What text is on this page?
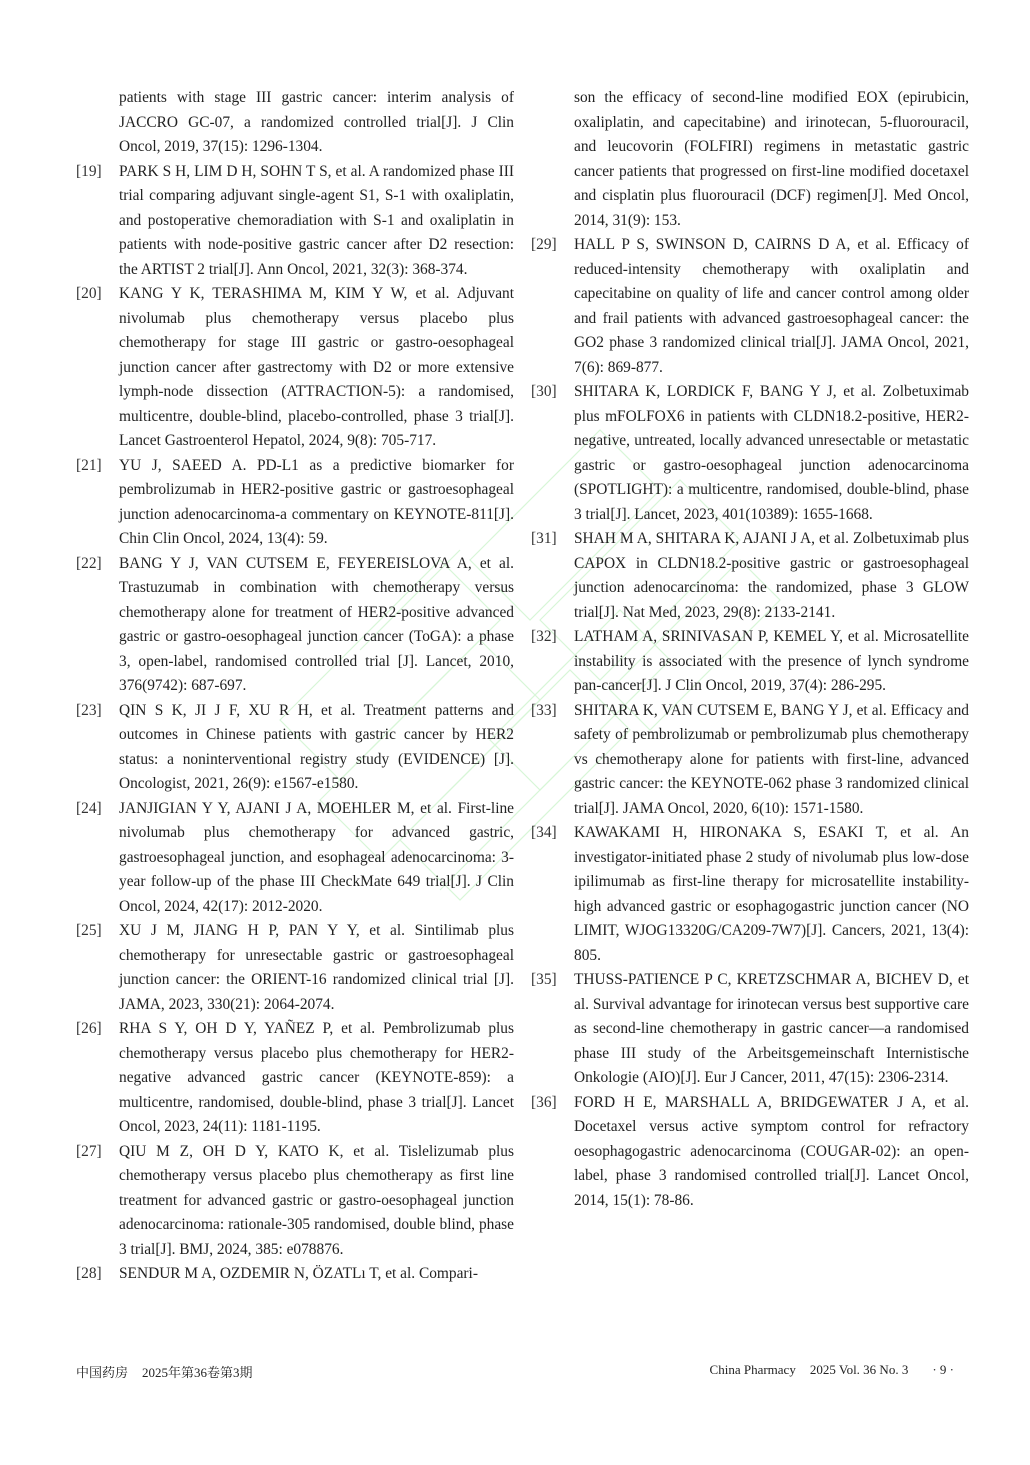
patients with stage III gastric cancer: interim analysis of JACCRO GC-07, a randomized controlled trial[J]. J Clin Oncol, 2019, 37(15): 1296-1304.

[19] PARK S H, LIM D H, SOHN T S, et al. A randomized phase III trial comparing adjuvant single-agent S1, S-1 with oxaliplatin, and postoperative chemoradiation with S-1 and oxaliplatin in patients with node-positive gastric cancer after D2 resection: the ARTIST 2 trial[J]. Ann Oncol, 2021, 32(3): 368-374.

[20] KANG Y K, TERASHIMA M, KIM Y W, et al. Adjuvant nivolumab plus chemotherapy versus placebo plus chemotherapy for stage III gastric or gastro-oesophageal junction cancer after gastrectomy with D2 or more extensive lymph-node dissection (ATTRACTION-5): a randomised, multicentre, double-blind, placebo-controlled, phase 3 trial[J]. Lancet Gastroenterol Hepatol, 2024, 9(8): 705-717.

[21] YU J, SAEED A. PD-L1 as a predictive biomarker for pembrolizumab in HER2-positive gastric or gastroesophageal junction adenocarcinoma-a commentary on KEYNOTE-811[J]. Chin Clin Oncol, 2024, 13(4): 59.

[22] BANG Y J, VAN CUTSEM E, FEYEREISLOVA A, et al. Trastuzumab in combination with chemotherapy versus chemotherapy alone for treatment of HER2-positive advanced gastric or gastro-oesophageal junction cancer (ToGA): a phase 3, open-label, randomised controlled trial [J]. Lancet, 2010, 376(9742): 687-697.

[23] QIN S K, JI J F, XU R H, et al. Treatment patterns and outcomes in Chinese patients with gastric cancer by HER2 status: a noninterventional registry study (EVIDENCE) [J]. Oncologist, 2021, 26(9): e1567-e1580.

[24] JANJIGIAN Y Y, AJANI J A, MOEHLER M, et al. First-line nivolumab plus chemotherapy for advanced gastric, gastroesophageal junction, and esophageal adenocarcinoma: 3-year follow-up of the phase III CheckMate 649 trial[J]. J Clin Oncol, 2024, 42(17): 2012-2020.

[25] XU J M, JIANG H P, PAN Y Y, et al. Sintilimab plus chemotherapy for unresectable gastric or gastroesophageal junction cancer: the ORIENT-16 randomized clinical trial [J]. JAMA, 2023, 330(21): 2064-2074.

[26] RHA S Y, OH D Y, YAÑEZ P, et al. Pembrolizumab plus chemotherapy versus placebo plus chemotherapy for HER2-negative advanced gastric cancer (KEYNOTE-859): a multicentre, randomised, double-blind, phase 3 trial[J]. Lancet Oncol, 2023, 24(11): 1181-1195.

[27] QIU M Z, OH D Y, KATO K, et al. Tislelizumab plus chemotherapy versus placebo plus chemotherapy as first line treatment for advanced gastric or gastro-oesophageal junction adenocarcinoma: rationale-305 randomised, double blind, phase 3 trial[J]. BMJ, 2024, 385: e078876.

[28] SENDUR M A, OZDEMIR N, ÖZATLı T, et al. Compari-

son the efficacy of second-line modified EOX (epirubicin, oxaliplatin, and capecitabine) and irinotecan, 5-fluorouracil, and leucovorin (FOLFIRI) regimens in metastatic gastric cancer patients that progressed on first-line modified docetaxel and cisplatin plus fluorouracil (DCF) regimen[J]. Med Oncol, 2014, 31(9): 153.

[29] HALL P S, SWINSON D, CAIRNS D A, et al. Efficacy of reduced-intensity chemotherapy with oxaliplatin and capecitabine on quality of life and cancer control among older and frail patients with advanced gastroesophageal cancer: the GO2 phase 3 randomized clinical trial[J]. JAMA Oncol, 2021, 7(6): 869-877.

[30] SHITARA K, LORDICK F, BANG Y J, et al. Zolbetuximab plus mFOLFOX6 in patients with CLDN18.2-positive, HER2-negative, untreated, locally advanced unresectable or metastatic gastric or gastro-oesophageal junction adenocarcinoma (SPOTLIGHT): a multicentre, randomised, double-blind, phase 3 trial[J]. Lancet, 2023, 401(10389): 1655-1668.

[31] SHAH M A, SHITARA K, AJANI J A, et al. Zolbetuximab plus CAPOX in CLDN18.2-positive gastric or gastroesophageal junction adenocarcinoma: the randomized, phase 3 GLOW trial[J]. Nat Med, 2023, 29(8): 2133-2141.

[32] LATHAM A, SRINIVASAN P, KEMEL Y, et al. Microsatellite instability is associated with the presence of lynch syndrome pan-cancer[J]. J Clin Oncol, 2019, 37(4): 286-295.

[33] SHITARA K, VAN CUTSEM E, BANG Y J, et al. Efficacy and safety of pembrolizumab or pembrolizumab plus chemotherapy vs chemotherapy alone for patients with first-line, advanced gastric cancer: the KEYNOTE-062 phase 3 randomized clinical trial[J]. JAMA Oncol, 2020, 6(10): 1571-1580.

[34] KAWAKAMI H, HIRONAKA S, ESAKI T, et al. An investigator-initiated phase 2 study of nivolumab plus low-dose ipilimumab as first-line therapy for microsatellite instability-high advanced gastric or esophagogastric junction cancer (NO LIMIT, WJOG13320G/CA209-7W7)[J]. Cancers, 2021, 13(4): 805.

[35] THUSS-PATIENCE P C, KRETZSCHMAR A, BICHEV D, et al. Survival advantage for irinotecan versus best supportive care as second-line chemotherapy in gastric cancer—a randomised phase III study of the Arbeitsgemeinschaft Internistische Onkologie (AIO)[J]. Eur J Cancer, 2011, 47(15): 2306-2314.

[36] FORD H E, MARSHALL A, BRIDGEWATER J A, et al. Docetaxel versus active symptom control for refractory oesophagogastric adenocarcinoma (COUGAR-02): an open-label, phase 3 randomised controlled trial[J]. Lancet Oncol, 2014, 15(1): 78-86.

中国药房 2025年第36卷第3期	China Pharmacy 2025 Vol. 36 No. 3 · 9 ·
